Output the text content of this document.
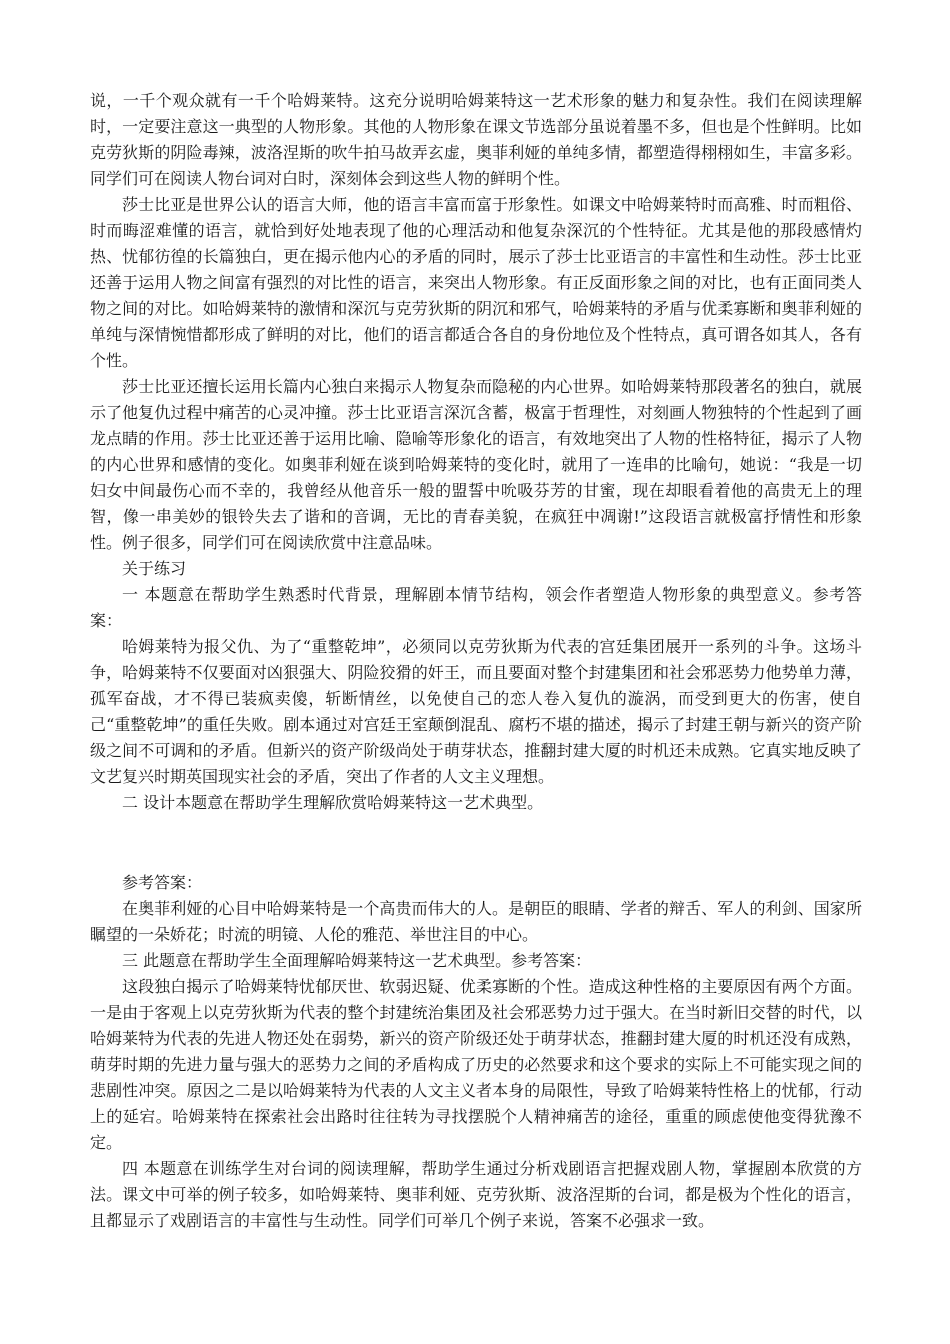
说，一千个观众就有一千个哈姆莱特。这充分说明哈姆莱特这一艺术形象的魅力和复杂性。我们在阅读理解时，一定要注意这一典型的人物形象。其他的人物形象在课文节选部分虽说着墨不多，但也是个性鲜明。比如克劳狄斯的阴险毒辣，波洛涅斯的吹牛拍马故弄玄虚，奥菲利娅的单纯多情，都塑造得栩栩如生，丰富多彩。同学们可在阅读人物台词对白时，深刻体会到这些人物的鲜明个性。

莎士比亚是世界公认的语言大师，他的语言丰富而富于形象性。如课文中哈姆莱特时而高雅、时而粗俗、时而晦涩难懂的语言，就恰到好处地表现了他的心理活动和他复杂深沉的个性特征。尤其是他的那段感情灼热、忧郁彷徨的长篇独白，更在揭示他内心的矛盾的同时，展示了莎士比亚语言的丰富性和生动性。莎士比亚还善于运用人物之间富有强烈的对比性的语言，来突出人物形象。有正反面形象之间的对比，也有正面同类人物之间的对比。如哈姆莱特的激情和深沉与克劳狄斯的阴沉和邪气，哈姆莱特的矛盾与优柔寡断和奥菲利娅的单纯与深情惋惜都形成了鲜明的对比，他们的语言都适合各自的身份地位及个性特点，真可谓各如其人，各有个性。

莎士比亚还擅长运用长篇内心独白来揭示人物复杂而隐秘的内心世界。如哈姆莱特那段著名的独白，就展示了他复仇过程中痛苦的心灵冲撞。莎士比亚语言深沉含蓄，极富于哲理性，对刻画人物独特的个性起到了画龙点睛的作用。莎士比亚还善于运用比喻、隐喻等形象化的语言，有效地突出了人物的性格特征，揭示了人物的内心世界和感情的变化。如奥菲利娅在谈到哈姆莱特的变化时，就用了一连串的比喻句，她说：“我是一切妇女中间最伤心而不幸的，我曾经从他音乐一般的盟誓中吮吸芬芳的甘蜜，现在却眼看着他的高贵无上的理智，像一串美妙的银铃失去了谐和的音调，无比的青春美貌，在疯狂中凋谢!”这段语言就极富抒情性和形象性。例子很多，同学们可在阅读欣赏中注意品味。

关于练习

一 本题意在帮助学生熟悉时代背景，理解剧本情节结构，领会作者塑造人物形象的典型意义。参考答案：

哈姆莱特为报父仇、为了“重整乾坤”，必须同以克劳狄斯为代表的宫廷集团展开一系列的斗争。这场斗争，哈姆莱特不仅要面对凶狠强大、阴险狡猾的奸王，而且要面对整个封建集团和社会邪恶势力他势单力薄，孤军奋战，才不得已装疯卖傻，斩断情丝，以免使自己的恋人卷入复仇的漩涡，而受到更大的伤害，使自己“重整乾坤”的重任失败。剧本通过对宫廷王室颠倒混乱、腐朽不堪的描述，揭示了封建王朝与新兴的资产阶级之间不可调和的矛盾。但新兴的资产阶级尚处于萌芽状态，推翻封建大厦的时机还未成熟。它真实地反映了文艺复兴时期英国现实社会的矛盾，突出了作者的人文主义理想。

二 设计本题意在帮助学生理解欣赏哈姆莱特这一艺术典型。

参考答案：

在奥菲利娅的心目中哈姆莱特是一个高贵而伟大的人。是朝臣的眼睛、学者的辩舌、军人的利剑、国家所瞩望的一朵娇花；时流的明镜、人伦的雅范、举世注目的中心。

三 此题意在帮助学生全面理解哈姆莱特这一艺术典型。参考答案：

这段独白揭示了哈姆莱特忧郁厌世、软弱迟疑、优柔寡断的个性。造成这种性格的主要原因有两个方面。一是由于客观上以克劳狄斯为代表的整个封建统治集团及社会邪恶势力过于强大。在当时新旧交替的时代，以哈姆莱特为代表的先进人物还处在弱势，新兴的资产阶级还处于萌芽状态，推翻封建大厦的时机还没有成熟，萌芽时期的先进力量与强大的恶势力之间的矛盾构成了历史的必然要求和这个要求的实际上不可能实现之间的悲剧性冲突。原因之二是以哈姆莱特为代表的人文主义者本身的局限性，导致了哈姆莱特性格上的忧郁，行动上的延宕。哈姆莱特在探索社会出路时往往转为寻找摆脱个人精神痛苦的途径，重重的顾虑使他变得犹豫不定。

四 本题意在训练学生对台词的阅读理解，帮助学生通过分析戏剧语言把握戏剧人物，掌握剧本欣赏的方法。课文中可举的例子较多，如哈姆莱特、奥菲利娅、克劳狄斯、波洛涅斯的台词，都是极为个性化的语言，且都显示了戏剧语言的丰富性与生动性。同学们可举几个例子来说，答案不必强求一致。
